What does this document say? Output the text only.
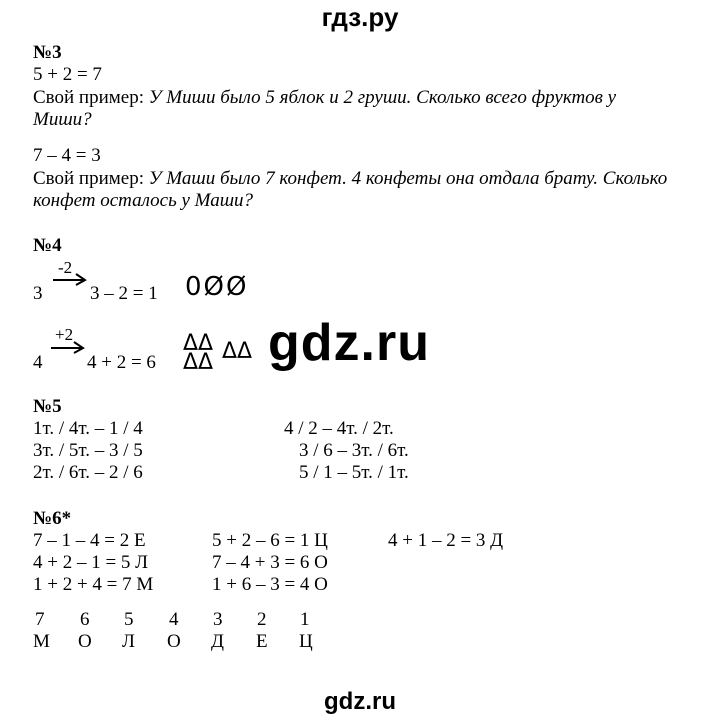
гдз.ру
gdz.ru
gdz.ru
№3
5 + 2 = 7
Свой пример: У Миши было 5 яблок и 2 груши. Сколько всего фруктов у
Миши?
7 – 4 = 3
Свой пример: У Маши было 7 конфет. 4 конфеты она отдала брату. Сколько
конфет осталось у Маши?
№4
3
-2
3 – 2 = 1 0ØØ
4
+2
4 + 2 = 6
ΔΔ
ΔΔ ΔΔ
№5
1т. / 4т. – 1 / 4
3т. / 5т. – 3 / 5
2т. / 6т. – 2 / 6
4 / 2 – 4т. / 2т.
3 / 6 – 3т. / 6т.
5 / 1 – 5т. / 1т.
№6*
7 – 1 – 4 = 2 Е
4 + 2 – 1 = 5 Л
1 + 2 + 4 = 7 М
5 + 2 – 6 = 1 Ц
7 – 4 + 3 = 6 О
1 + 6 – 3 = 4 О
4 + 1 – 2 = 3 Д
7 6 5 4 3 2 1
М О Л О Д Е Ц
